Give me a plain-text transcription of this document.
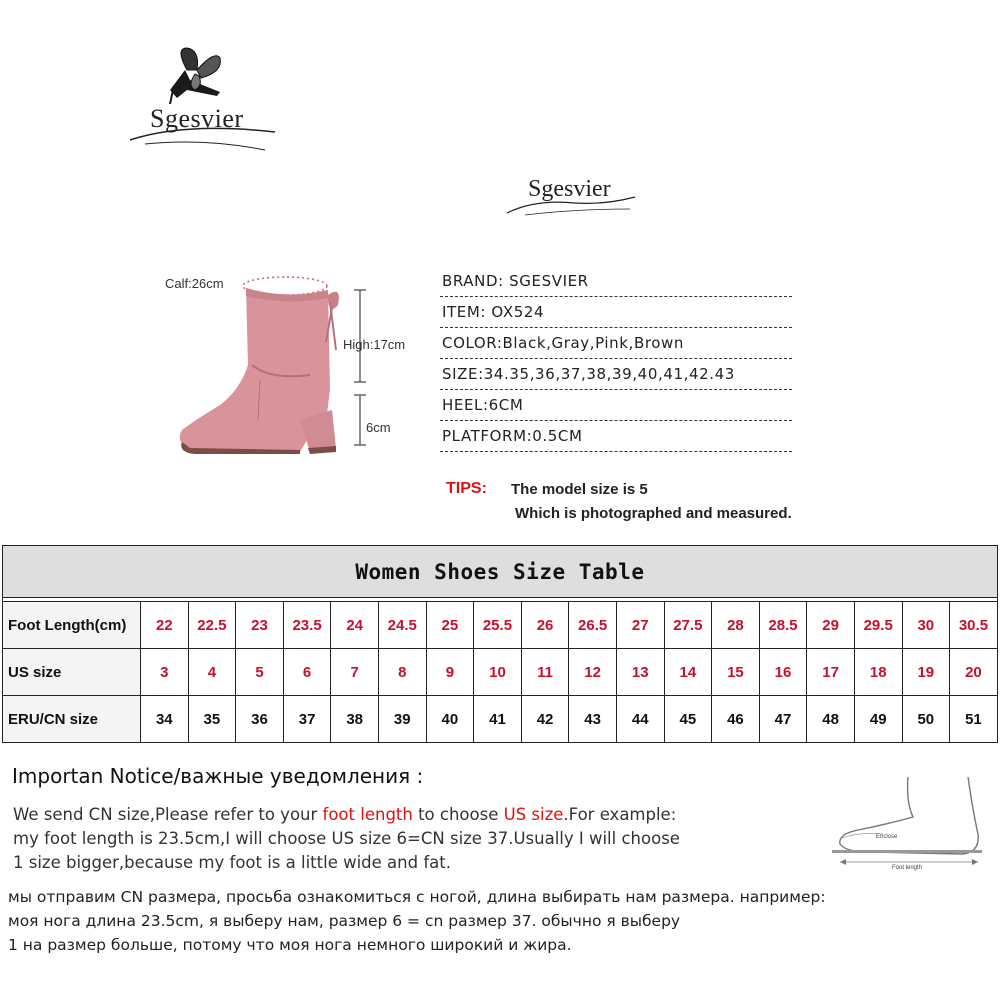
Sgesvier
Sgesvier
Calf:26cm
High:17cm
6cm
BRAND: SGESVIER
ITEM: OX524
COLOR:Black,Gray,Pink,Brown
SIZE:34.35,36,37,38,39,40,41,42.43
HEEL:6CM
PLATFORM:0.5CM
TIPS: The model size is 5
Which is photographed and measured.
Women Shoes Size Table																		

Foot Length(cm)	22	22.5	23	23.5	24	24.5	25	25.5	26	26.5	27	27.5	28	28.5	29	29.5	30	30.5
US size	3	4	5	6	7	8	9	10	11	12	13	14	15	16	17	18	19	20
ERU/CN size	34	35	36	37	38	39	40	41	42	43	44	45	46	47	48	49	50	51
Importan Notice/важные уведомления :
We send CN size,Please refer to your foot length to choose US size.For example:
my foot length is 23.5cm,I will choose US size 6=CN size 37.Usually I will choose
1 size bigger,because my foot is a little wide and fat.
мы отправим CN размера, просьба ознакомиться с ногой, длина выбирать нам размера. например:
моя нога длина 23.5cm, я выберу нам, размер 6 = cn размер 37. обычно я выберу
1 на размер больше, потому что моя нога немного широкий и жира.
Enclose
Foot length
